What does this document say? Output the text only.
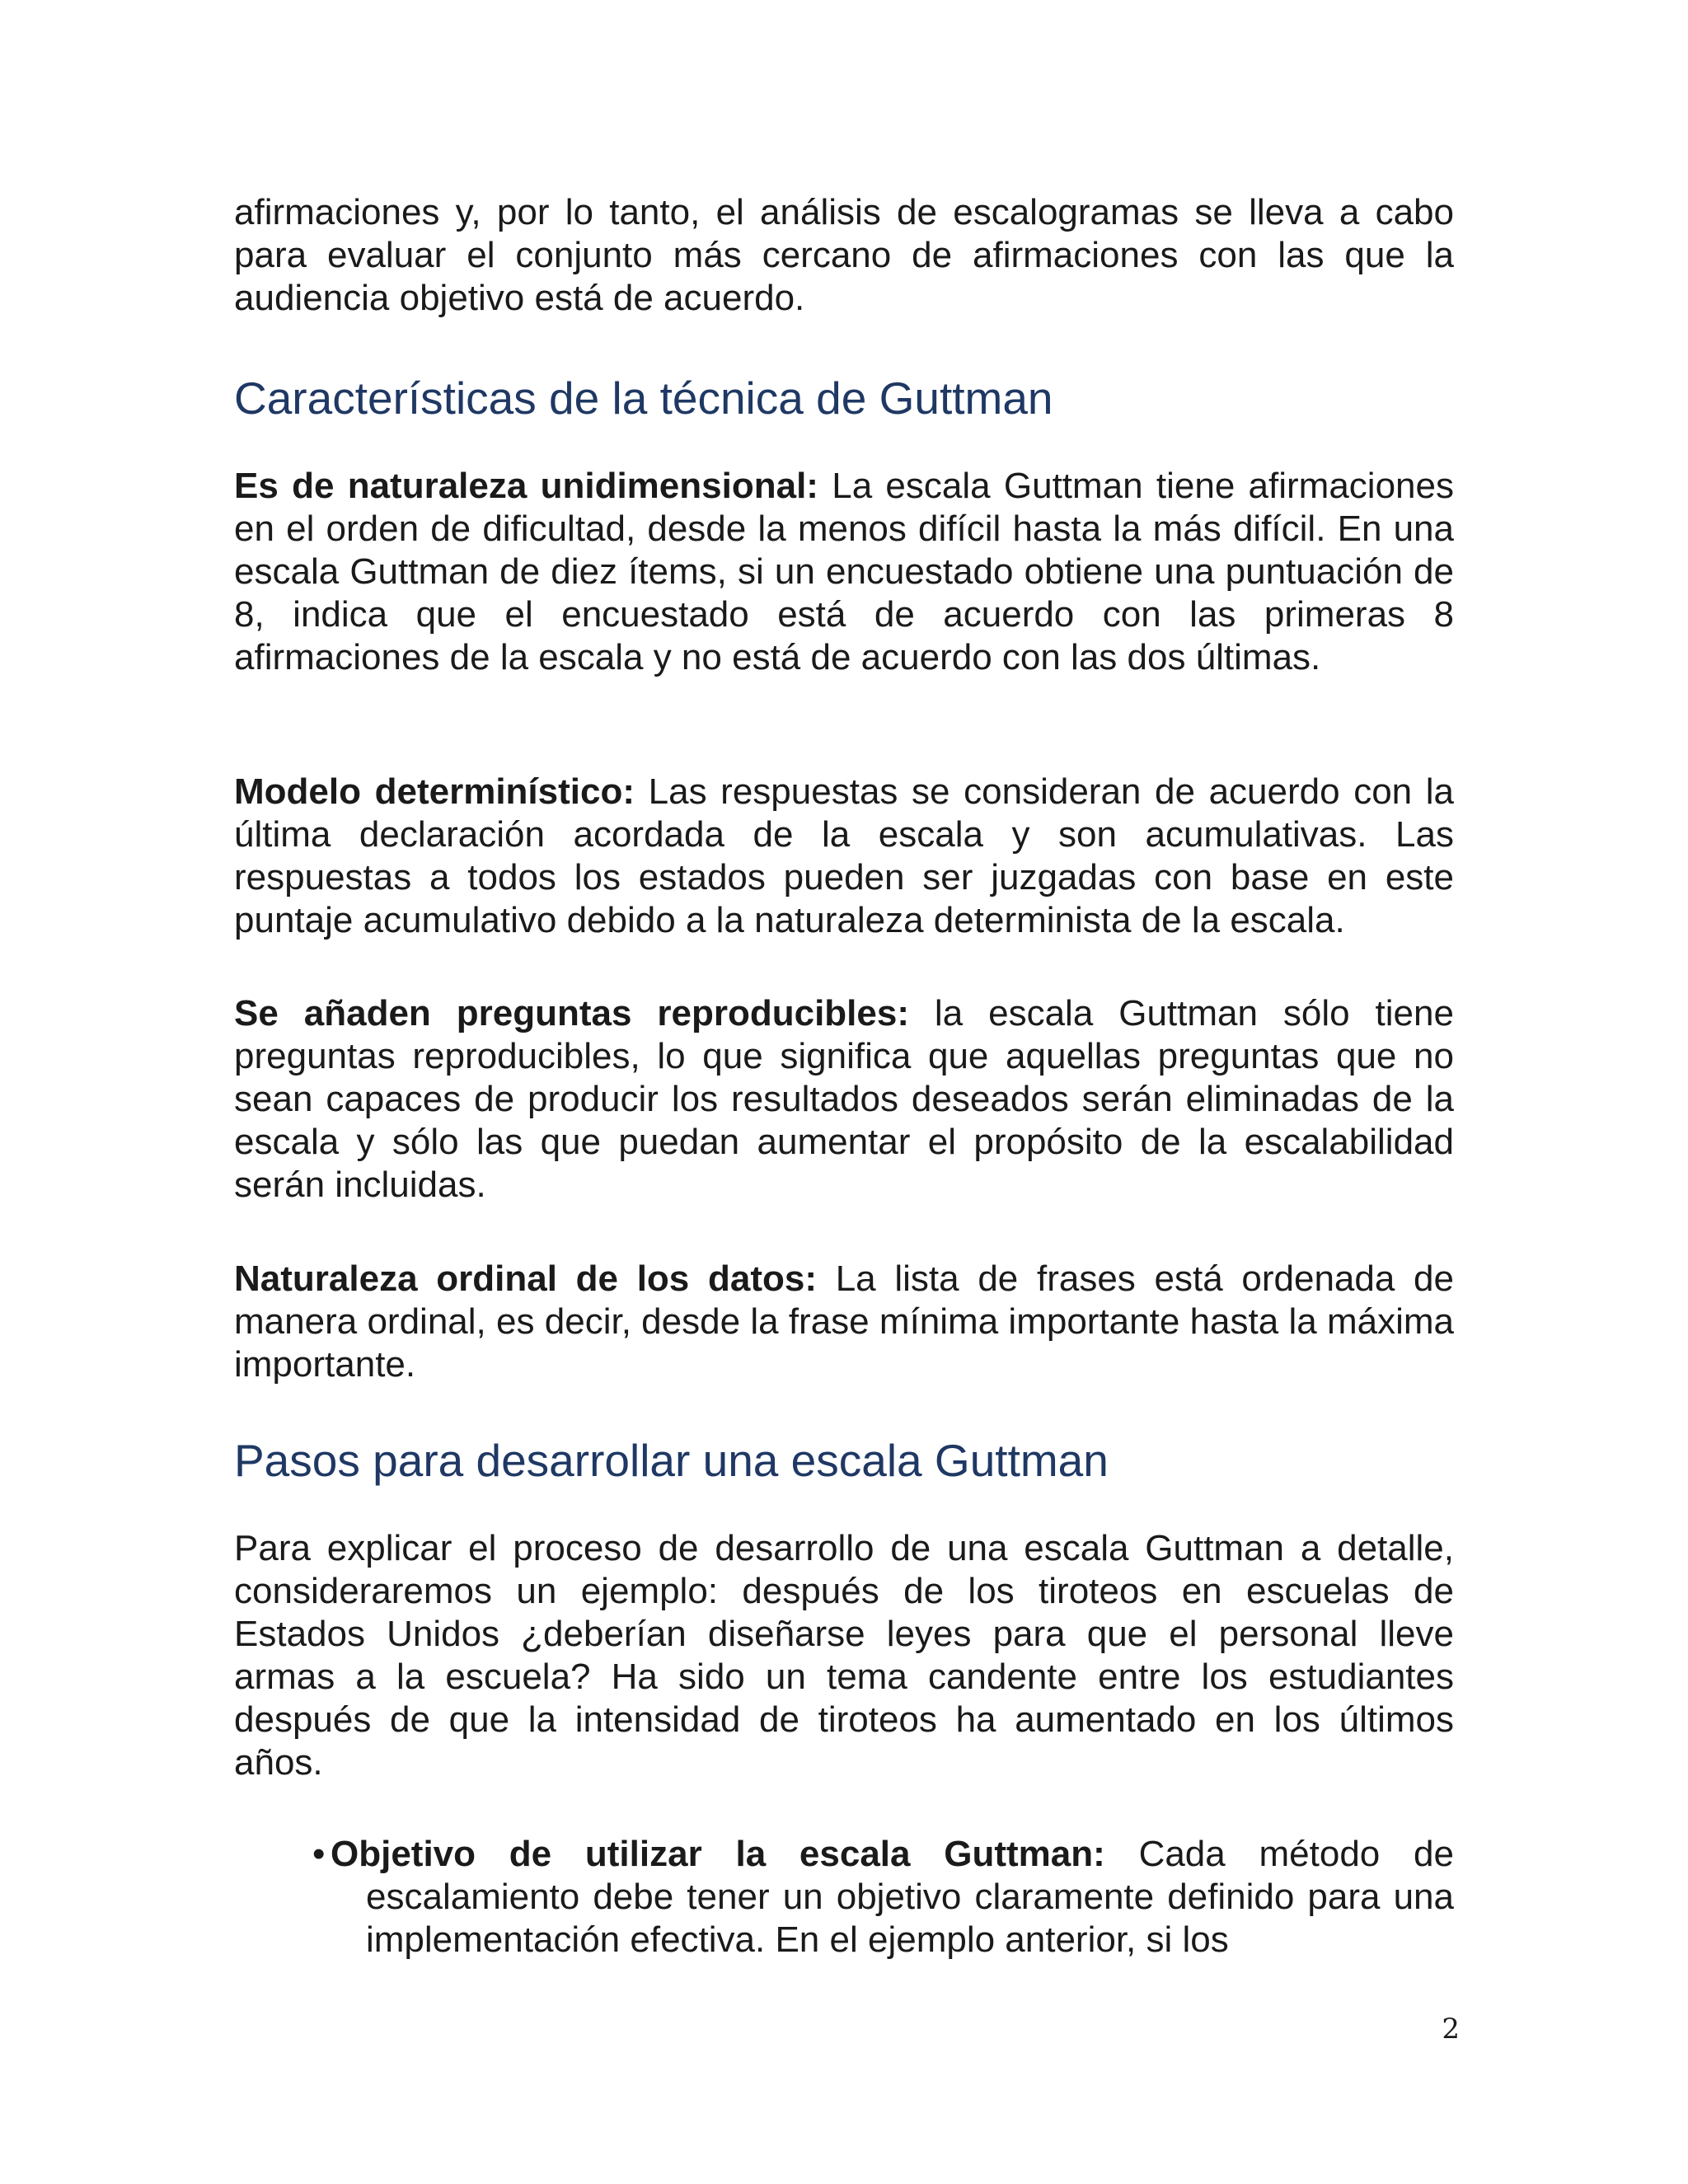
afirmaciones y, por lo tanto, el análisis de escalogramas se lleva a cabo para evaluar el conjunto más cercano de afirmaciones con las que la audiencia objetivo está de acuerdo.

Características de la técnica de Guttman

Es de naturaleza unidimensional: La escala Guttman tiene afirmaciones en el orden de dificultad, desde la menos difícil hasta la más difícil. En una escala Guttman de diez ítems, si un encuestado obtiene una puntuación de 8, indica que el encuestado está de acuerdo con las primeras 8 afirmaciones de la escala y no está de acuerdo con las dos últimas.

Modelo determinístico: Las respuestas se consideran de acuerdo con la última declaración acordada de la escala y son acumulativas. Las respuestas a todos los estados pueden ser juzgadas con base en este puntaje acumulativo debido a la naturaleza determinista de la escala.

Se añaden preguntas reproducibles: la escala Guttman sólo tiene preguntas reproducibles, lo que significa que aquellas preguntas que no sean capaces de producir los resultados deseados serán eliminadas de la escala y sólo las que puedan aumentar el propósito de la escalabilidad serán incluidas.

Naturaleza ordinal de los datos: La lista de frases está ordenada de manera ordinal, es decir, desde la frase mínima importante hasta la máxima importante.

Pasos para desarrollar una escala Guttman

Para explicar el proceso de desarrollo de una escala Guttman a detalle, consideraremos un ejemplo: después de los tiroteos en escuelas de Estados Unidos ¿deberían diseñarse leyes para que el personal lleve armas a la escuela? Ha sido un tema candente entre los estudiantes después de que la intensidad de tiroteos ha aumentado en los últimos años.

• Objetivo de utilizar la escala Guttman: Cada método de escalamiento debe tener un objetivo claramente definido para una implementación efectiva. En el ejemplo anterior, si los

2
